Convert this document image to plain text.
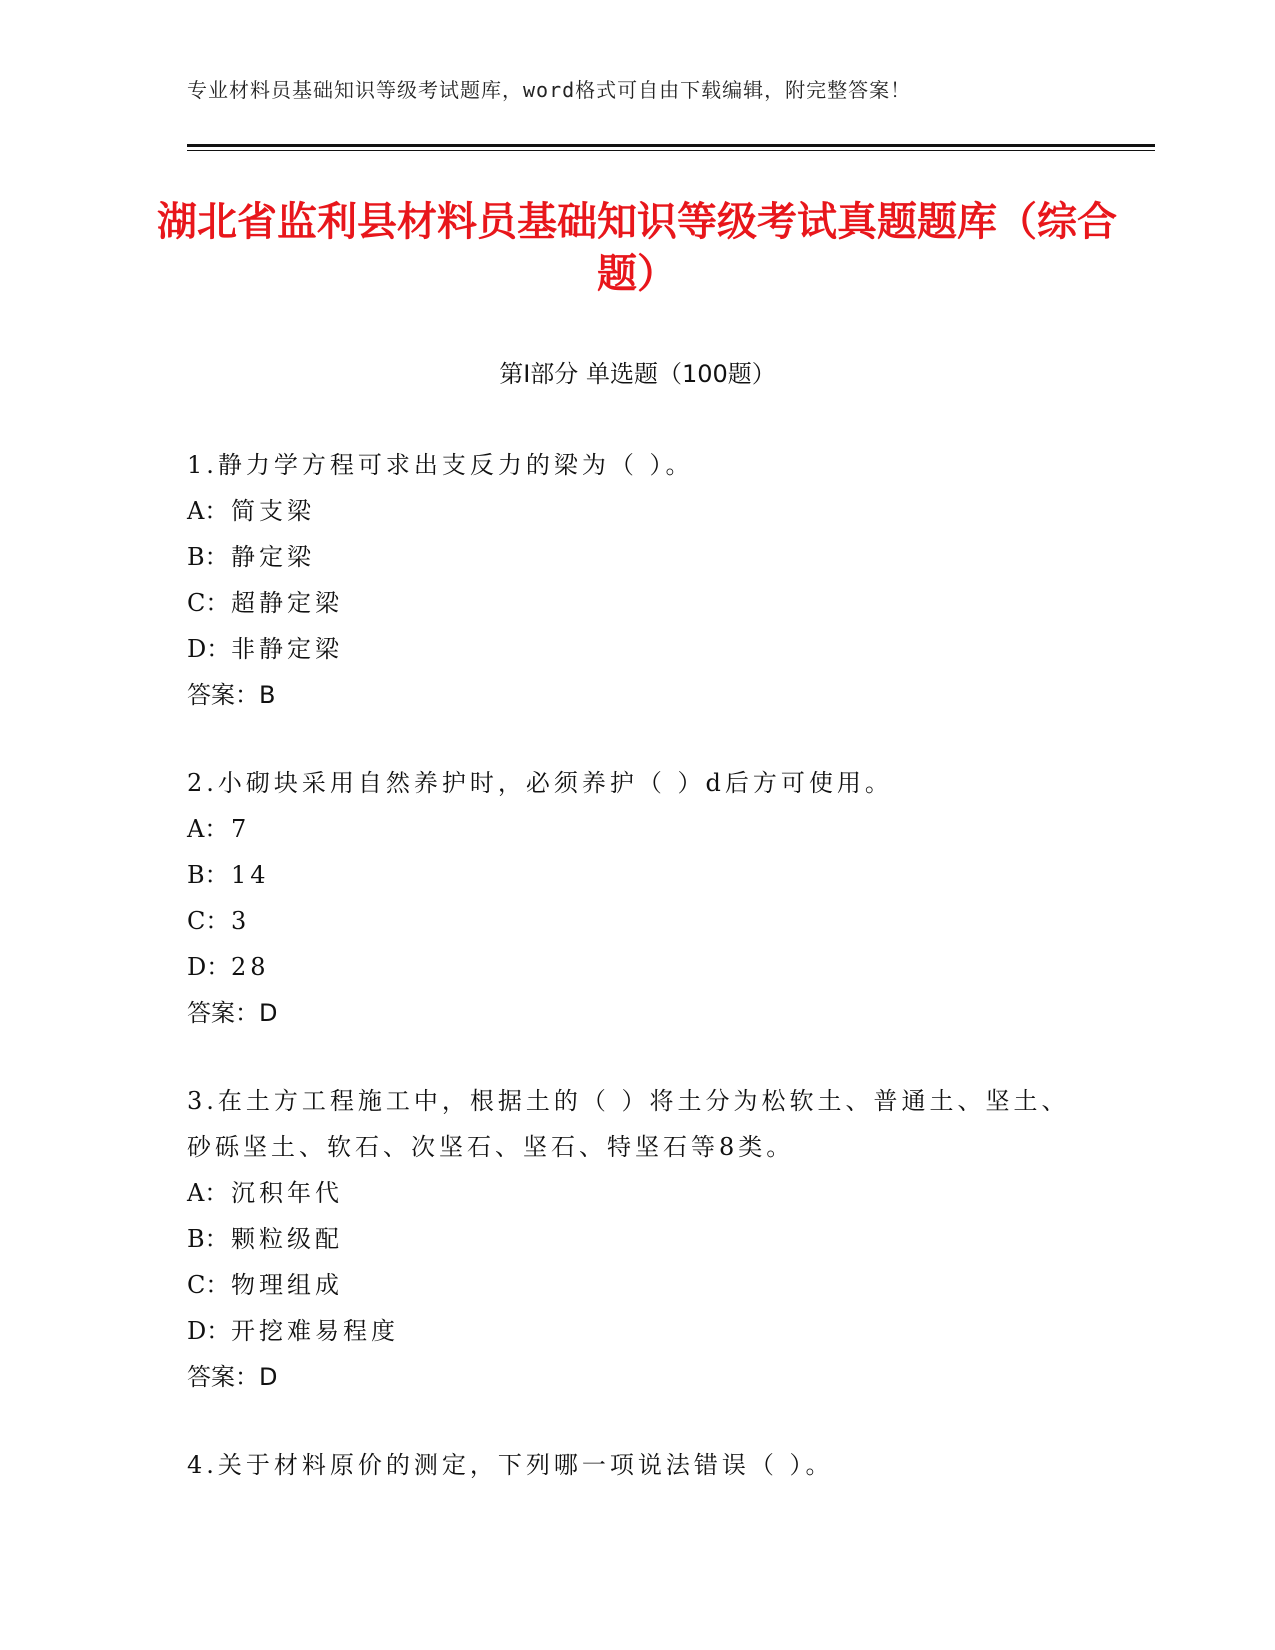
专业材料员基础知识等级考试题库，word格式可自由下载编辑，附完整答案！
湖北省监利县材料员基础知识等级考试真题题库（综合题）
第Ⅰ部分 单选题（100题）

1.静力学方程可求出支反力的梁为（ ）。

A： 简支梁

B：静定梁

C：超静定梁

D：非静定梁

答案：B

2.小砌块采用自然养护时，必须养护（ ）d后方可使用。

A： 7

B：14

C：3

D：28

答案：D

3.在土方工程施工中，根据土的（ ）将土分为松软土、普通土、坚土、砂砾坚土、软石、次坚石、坚石、特坚石等8类。

A： 沉积年代

B：颗粒级配

C：物理组成

D：开挖难易程度

答案：D

4.关于材料原价的测定，下列哪一项说法错误（ ）。
